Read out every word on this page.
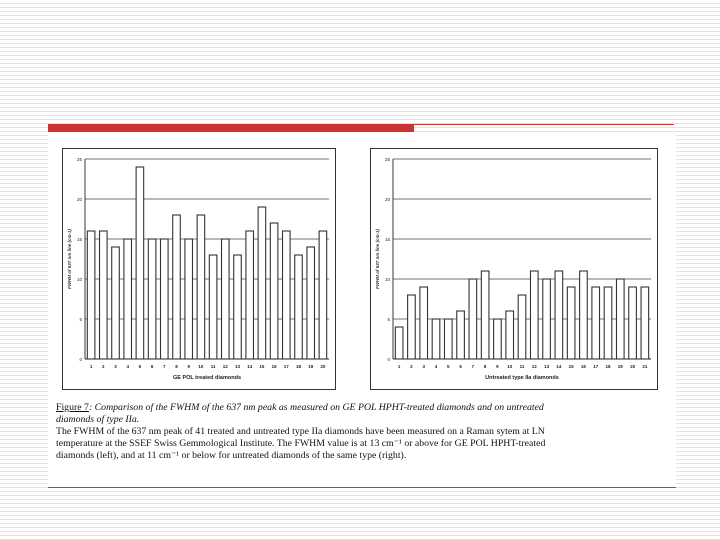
0
5
10
15
20
25
1 2 3 4 5 6 7 8 9 10 11 12 13 14 15 16 17 18 19 20
GE POL treated diamonds
FWHM of 637 nm line (cm-1)
0
5
10
15
20
25
1 2 3 4 5 6 7 8 9 10 11 12 13 14 15 16 17 18 19 20 21
Untreated type IIa diamonds
FWHM of 637 nm line (cm-1)
Figure 7: Comparison of the FWHM of the 637 nm peak as measured on GE POL HPHT-treated diamonds and on untreated
diamonds of type IIa.
The FWHM of the 637 nm peak of 41 treated and untreated type IIa diamonds have been measured on a Raman sytem at LN
temperature at the SSEF Swiss Gemmological Institute. The FWHM value is at 13 cm⁻¹ or above for GE POL HPHT-treated
diamonds (left), and at 11 cm⁻¹ or below for untreated diamonds of the same type (right).
